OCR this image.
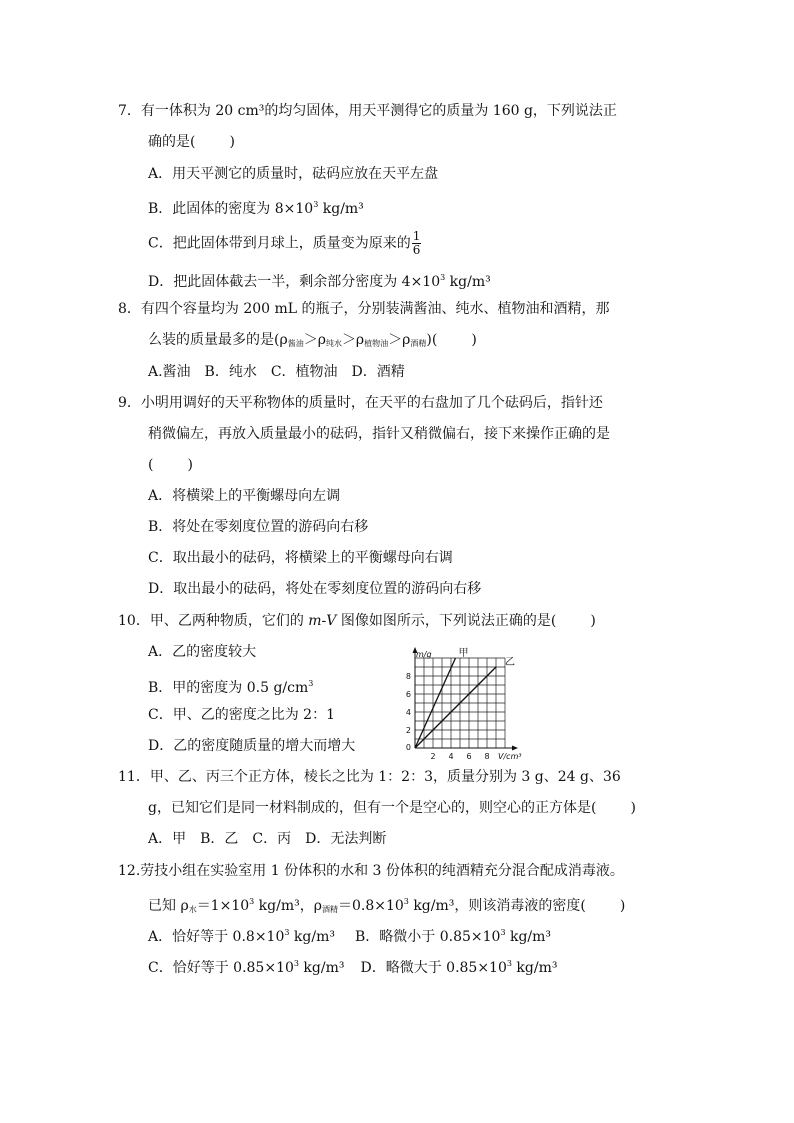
7．有一体积为 20 cm³的均匀固体，用天平测得它的质量为 160 g，下列说法正
确的是( )
A．用天平测它的质量时，砝码应放在天平左盘
B．此固体的密度为 $8\times 10^3$ kg/m³
C．把此固体带到月球上，质量变为原来的 $\frac{1}{6}$
D．把此固体截去一半，剩余部分密度为 $4\times 10^3$ kg/m³
8．有四个容量均为 200 mL 的瓶子，分别装满酱油、纯水、植物油和酒精，那
么装的质量最多的是$(\rho_{酱油}>\rho_{纯水}>\rho_{植物油}>\rho_{酒精})$( )
A.酱油　B．纯水　C．植物油　D．酒精
9．小明用调好的天平称物体的质量时，在天平的右盘加了几个砝码后，指针还
稍微偏左，再放入质量最小的砝码，指针又稍微偏右，接下来操作正确的是
( )
A．将横梁上的平衡螺母向左调
B．将处在零刻度位置的游码向右移
C．取出最小的砝码，将横梁上的平衡螺母向右调
D．取出最小的砝码，将处在零刻度位置的游码向右移
10．甲、乙两种物质，它们的 m-V 图像如图所示，下列说法正确的是( )
A．乙的密度较大
B．甲的密度为 0.5 $g/cm^3$
C．甲、乙的密度之比为 2：1
D．乙的密度随质量的增大而增大
2 4 6 8
2
4
6
8
0
m/g
V/cm³
甲
乙
11．甲、乙、丙三个正方体，棱长之比为 1：2：3，质量分别为 3 g、24 g、36
g，已知它们是同一材料制成的，但有一个是空心的，则空心的正方体是( )
A．甲　B．乙　C．丙　D．无法判断
12.劳技小组在实验室用 1 份体积的水和 3 份体积的纯酒精充分混合配成消毒液。
已知 $\rho_水=1\times 10^3$ kg/m³，$\rho_{酒精}=0.8\times 10^3$ kg/m³，则该消毒液的密度( )
A．恰好等于 $0.8\times 10^3$ kg/m³ B．略微小于 $0.85\times 10^3$ kg/m³
C．恰好等于 $0.85\times 10^3$ kg/m³ D．略微大于 $0.85\times 10^3$ kg/m³
